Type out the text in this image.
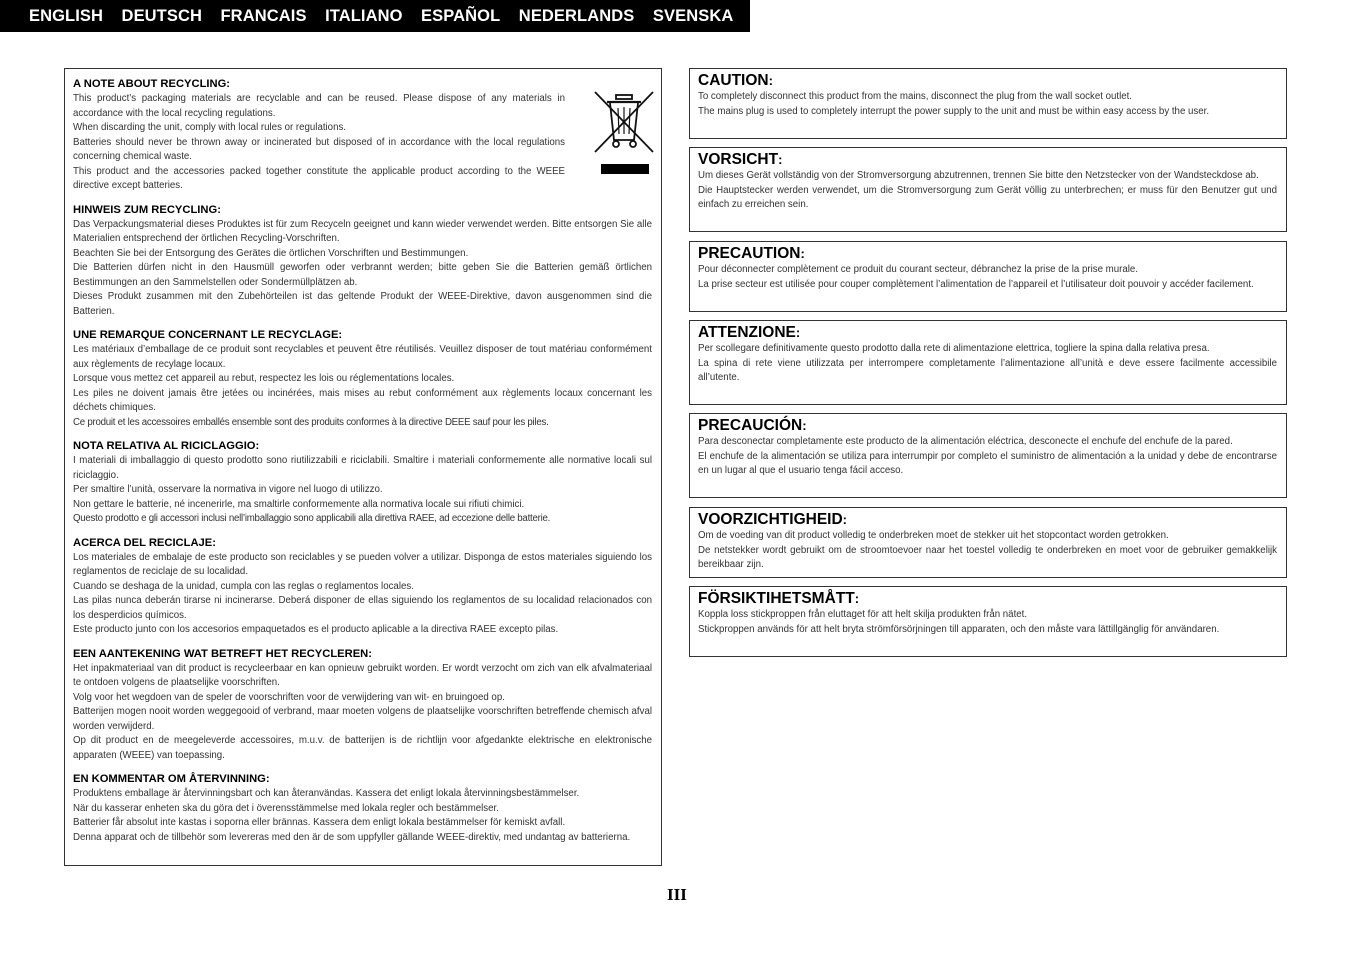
ENGLISH DEUTSCH FRANCAIS ITALIANO ESPAÑOL NEDERLANDS SVENSKA
A NOTE ABOUT RECYCLING:
This product’s packaging materials are recyclable and can be reused. Please dispose of any materials in accordance with the local recycling regulations.
When discarding the unit, comply with local rules or regulations.
Batteries should never be thrown away or incinerated but disposed of in accordance with the local regulations concerning chemical waste.
This product and the accessories packed together constitute the applicable product according to the WEEE directive except batteries.
HINWEIS ZUM RECYCLING:
Das Verpackungsmaterial dieses Produktes ist für zum Recyceln geeignet und kann wieder verwendet werden. Bitte entsorgen Sie alle Materialien entsprechend der örtlichen Recycling-Vorschriften.
Beachten Sie bei der Entsorgung des Gerätes die örtlichen Vorschriften und Bestimmungen.
Die Batterien dürfen nicht in den Hausmüll geworfen oder verbrannt werden; bitte geben Sie die Batterien gemäß örtlichen Bestimmungen an den Sammelstellen oder Sondermüllplätzen ab.
Dieses Produkt zusammen mit den Zubehörteilen ist das geltende Produkt der WEEE-Direktive, davon ausgenommen sind die Batterien.
UNE REMARQUE CONCERNANT LE RECYCLAGE:
Les matériaux d’emballage de ce produit sont recyclables et peuvent être réutilisés. Veuillez disposer de tout matériau conformément aux règlements de recylage locaux.
Lorsque vous mettez cet appareil au rebut, respectez les lois ou réglementations locales.
Les piles ne doivent jamais être jetées ou incinérées, mais mises au rebut conformément aux règlements locaux concernant les déchets chimiques.
Ce produit et les accessoires emballés ensemble sont des produits conformes à la directive DEEE sauf pour les piles.
NOTA RELATIVA AL RICICLAGGIO:
I materiali di imballaggio di questo prodotto sono riutilizzabili e riciclabili. Smaltire i materiali conformemente alle normative locali sul riciclaggio.
Per smaltire l’unità, osservare la normativa in vigore nel luogo di utilizzo.
Non gettare le batterie, né incenerirle, ma smaltirle conformemente alla normativa locale sui rifiuti chimici.
Questo prodotto e gli accessori inclusi nell’imballaggio sono applicabili alla direttiva RAEE, ad eccezione delle batterie.
ACERCA DEL RECICLAJE:
Los materiales de embalaje de este producto son reciclables y se pueden volver a utilizar. Disponga de estos materiales siguiendo los reglamentos de reciclaje de su localidad.
Cuando se deshaga de la unidad, cumpla con las reglas o reglamentos locales.
Las pilas nunca deberán tirarse ni incinerarse. Deberá disponer de ellas siguiendo los reglamentos de su localidad relacionados con los desperdicios químicos.
Este producto junto con los accesorios empaquetados es el producto aplicable a la directiva RAEE excepto pilas.
EEN AANTEKENING WAT BETREFT HET RECYCLEREN:
Het inpakmateriaal van dit product is recycleerbaar en kan opnieuw gebruikt worden. Er wordt verzocht om zich van elk afvalmateriaal te ontdoen volgens de plaatselijke voorschriften.
Volg voor het wegdoen van de speler de voorschriften voor de verwijdering van wit- en bruingoed op.
Batterijen mogen nooit worden weggegooid of verbrand, maar moeten volgens de plaatselijke voorschriften betreffende chemisch afval worden verwijderd.
Op dit product en de meegeleverde accessoires, m.u.v. de batterijen is de richtlijn voor afgedankte elektrische en elektronische apparaten (WEEE) van toepassing.
EN KOMMENTAR OM ÅTERVINNING:
Produktens emballage är återvinningsbart och kan återanvändas. Kassera det enligt lokala återvinningsbestämmelser.
När du kasserar enheten ska du göra det i överensstämmelse med lokala regler och bestämmelser.
Batterier får absolut inte kastas i soporna eller brännas. Kassera dem enligt lokala bestämmelser för kemiskt avfall.
Denna apparat och de tillbehör som levereras med den är de som uppfyller gällande WEEE-direktiv, med undantag av batterierna.
CAUTION:
To completely disconnect this product from the mains, disconnect the plug from the wall socket outlet.
The mains plug is used to completely interrupt the power supply to the unit and must be within easy access by the user.
VORSICHT:
Um dieses Gerät vollständig von der Stromversorgung abzutrennen, trennen Sie bitte den Netzstecker von der Wandsteckdose ab.
Die Hauptstecker werden verwendet, um die Stromversorgung zum Gerät völlig zu unterbrechen; er muss für den Benutzer gut und einfach zu erreichen sein.
PRECAUTION:
Pour déconnecter complètement ce produit du courant secteur, débranchez la prise de la prise murale.
La prise secteur est utilisée pour couper complètement l’alimentation de l’appareil et l’utilisateur doit pouvoir y accéder facilement.
ATTENZIONE:
Per scollegare definitivamente questo prodotto dalla rete di alimentazione elettrica, togliere la spina dalla relativa presa.
La spina di rete viene utilizzata per interrompere completamente l’alimentazione all’unità e deve essere facilmente accessibile all’utente.
PRECAUCIÓN:
Para desconectar completamente este producto de la alimentación eléctrica, desconecte el enchufe del enchufe de la pared.
El enchufe de la alimentación se utiliza para interrumpir por completo el suministro de alimentación a la unidad y debe de encontrarse en un lugar al que el usuario tenga fácil acceso.
VOORZICHTIGHEID:
Om de voeding van dit product volledig te onderbreken moet de stekker uit het stopcontact worden getrokken.
De netstekker wordt gebruikt om de stroomtoevoer naar het toestel volledig te onderbreken en moet voor de gebruiker gemakkelijk bereikbaar zijn.
FÖRSIKTIHETSMÅTT:
Koppla loss stickproppen från eluttaget för att helt skilja produkten från nätet.
Stickproppen används för att helt bryta strömförsörjningen till apparaten, och den måste vara lättillgänglig för användaren.
III
